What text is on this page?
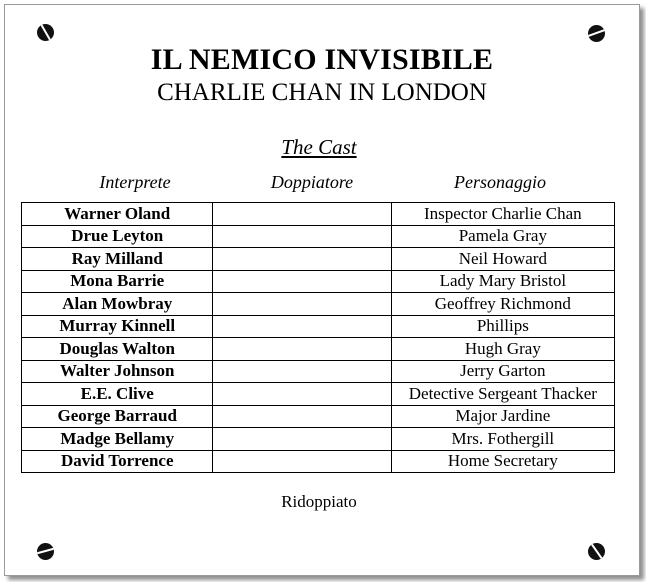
IL NEMICO INVISIBILE
CHARLIE CHAN IN LONDON
The Cast
Interprete	Doppiatore	Personaggio
Warner Oland		Inspector Charlie Chan
Drue Leyton		Pamela Gray
Ray Milland		Neil Howard
Mona Barrie		Lady Mary Bristol
Alan Mowbray		Geoffrey Richmond
Murray Kinnell		Phillips
Douglas Walton		Hugh Gray
Walter Johnson		Jerry Garton
E.E. Clive		Detective Sergeant Thacker
George Barraud		Major Jardine
Madge Bellamy		Mrs. Fothergill
David Torrence		Home Secretary
Ridoppiato
